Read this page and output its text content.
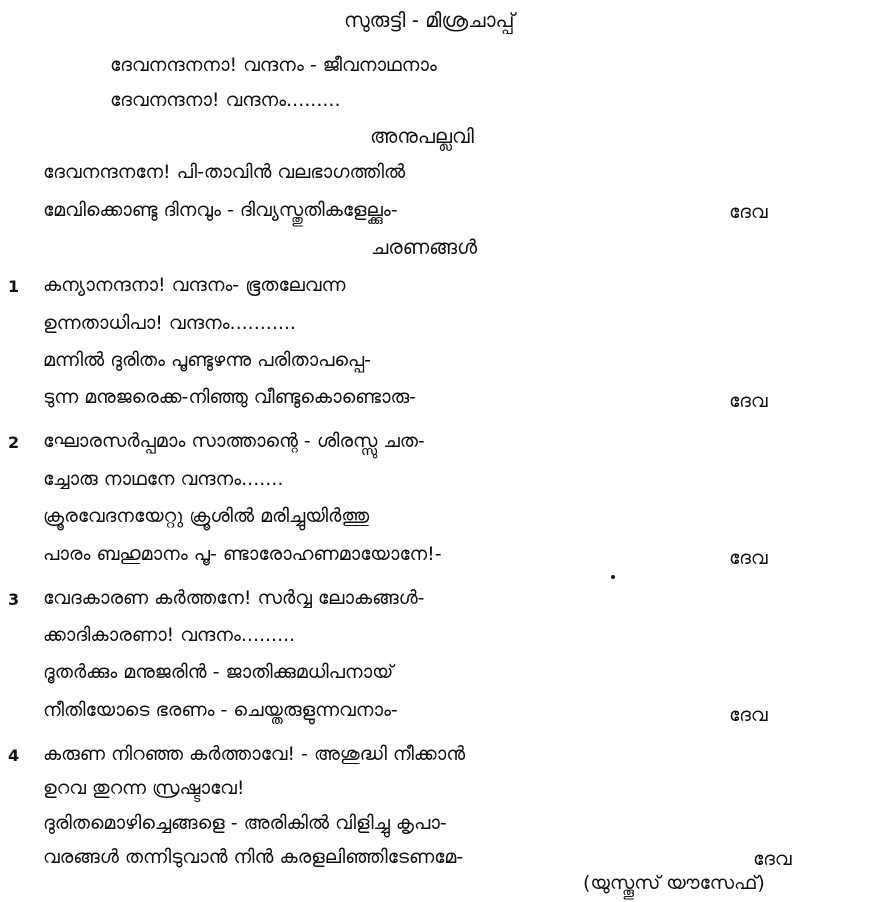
സുരുട്ടി - മിശ്രചാപ്പ്
ദേവനന്ദനനാ! വന്ദനം - ജീവനാഥനാം
ദേവനന്ദനാ! വന്ദനം.........
അനുപല്ലവി
ദേവനന്ദനനേ! പി-താവിൻ വലഭാഗത്തിൽ
മേവിക്കൊണ്ടു ദിനവും - ദിവ്യസ്തുതികളേല്ക്കും-	ദേവ
ചരണങ്ങൾ
1 കന്യാനന്ദനാ! വന്ദനം- ഭൂതലേവന്ന
ഉന്നതാധിപാ! വന്ദനം...........
മന്നിൽ ദുരിതം പൂണ്ടുഴന്നു പരിതാപപ്പെ-
ടുന്ന മനുജരെക്ക-നിഞ്ഞു വീണ്ടുകൊണ്ടൊരു-	ദേവ
2 ഘോരസർപ്പമാം സാത്താന്റെ - ശിരസ്സു ചത-
ച്ചോരു നാഥനേ വന്ദനം.......
ക്രൂരവേദനയേറ്റു ക്രൂശിൽ മരിച്ചുയിർത്തു
പാരം ബഹുമാനം പൂ- ണ്ടാരോഹണമായോനേ!-	ദേവ
3 വേദകാരണ കർത്തനേ! സർവ്വ ലോകങ്ങൾ-
ക്കാദികാരണാ! വന്ദനം.........
ദൂതർക്കും മനുജരിൻ - ജാതിക്കുമധിപനായ്
നീതിയോടെ ഭരണം - ചെയ്തരുളുന്നവനാം-	ദേവ
4 കരുണ നിറഞ്ഞ കർത്താവേ! - അശുദ്ധി നീക്കാൻ
ഉറവ തുറന്ന സ്രഷ്ടാവേ!
ദുരിതമൊഴിച്ചെങ്ങളെ - അരികിൽ വിളിച്ചു കൃപാ-
വരങ്ങൾ തന്നിടുവാൻ നിൻ കരളലിഞ്ഞിടേണമേ-	ദേവ
(യുസ്തൂസ് യൗസേഫ്)
